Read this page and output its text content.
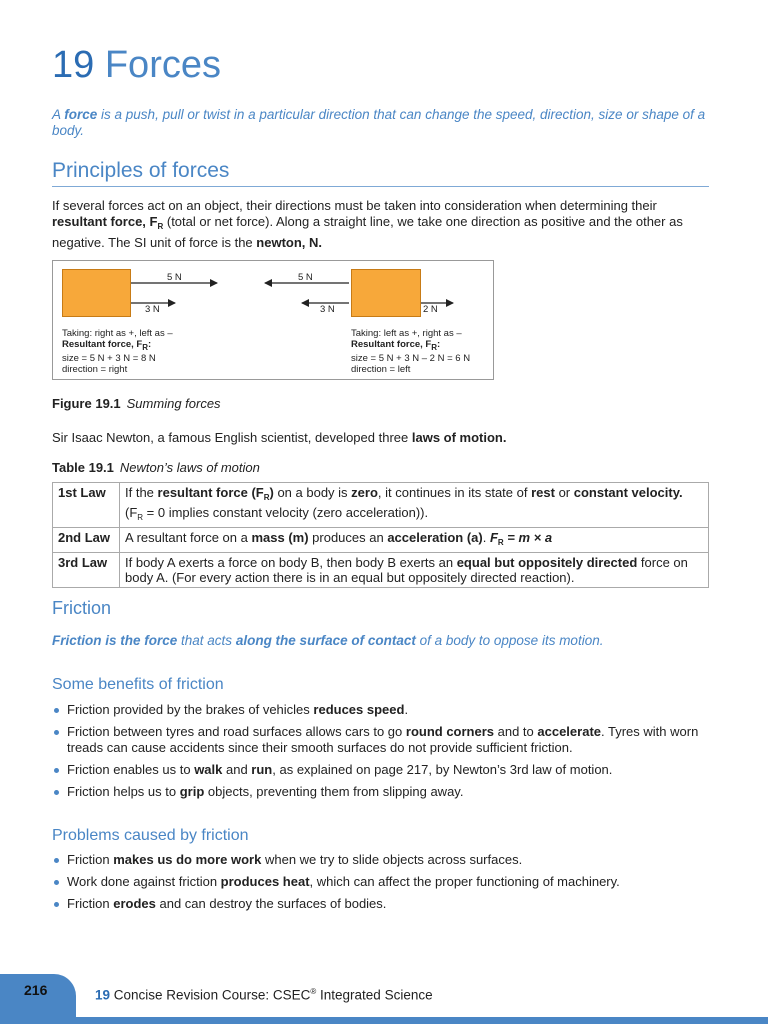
19 Forces
A force is a push, pull or twist in a particular direction that can change the speed, direction, size or shape of a body.
Principles of forces
If several forces act on an object, their directions must be taken into consideration when determining their resultant force, $F_R$ (total or net force). Along a straight line, we take one direction as positive and the other as negative. The SI unit of force is the newton, N.
5 N
3 N
5 N
3 N	2 N
Taking: right as +, left as –
Resultant force, $F_R$:
size = 5 N + 3 N = 8 N
direction = right
Taking: left as +, right as –
Resultant force, $F_R$:
size = 5 N + 3 N – 2 N = 6 N
direction = left
Figure 19.1 Summing forces
Sir Isaac Newton, a famous English scientist, developed three laws of motion.
Table 19.1 Newton’s laws of motion
1st Law	If the resultant force $(F_R)$ on a body is zero, it continues in its state of rest or constant velocity. ($F_R = 0$ implies constant velocity (zero acceleration)).
2nd Law	A resultant force on a mass (m) produces an acceleration (a). $F_R = m \times a$
3rd Law	If body A exerts a force on body B, then body B exerts an equal but oppositely directed force on body A. (For every action there is in an equal but oppositely directed reaction).
Friction
Friction is the force that acts along the surface of contact of a body to oppose its motion.
Some benefits of friction
Friction provided by the brakes of vehicles reduces speed.
Friction between tyres and road surfaces allows cars to go round corners and to accelerate. Tyres with worn treads can cause accidents since their smooth surfaces do not provide sufficient friction.
Friction enables us to walk and run, as explained on page 217, by Newton’s 3rd law of motion.
Friction helps us to grip objects, preventing them from slipping away.
Problems caused by friction
Friction makes us do more work when we try to slide objects across surfaces.
Work done against friction produces heat, which can affect the proper functioning of machinery.
Friction erodes and can destroy the surfaces of bodies.
216	19 Concise Revision Course: CSEC® Integrated Science
